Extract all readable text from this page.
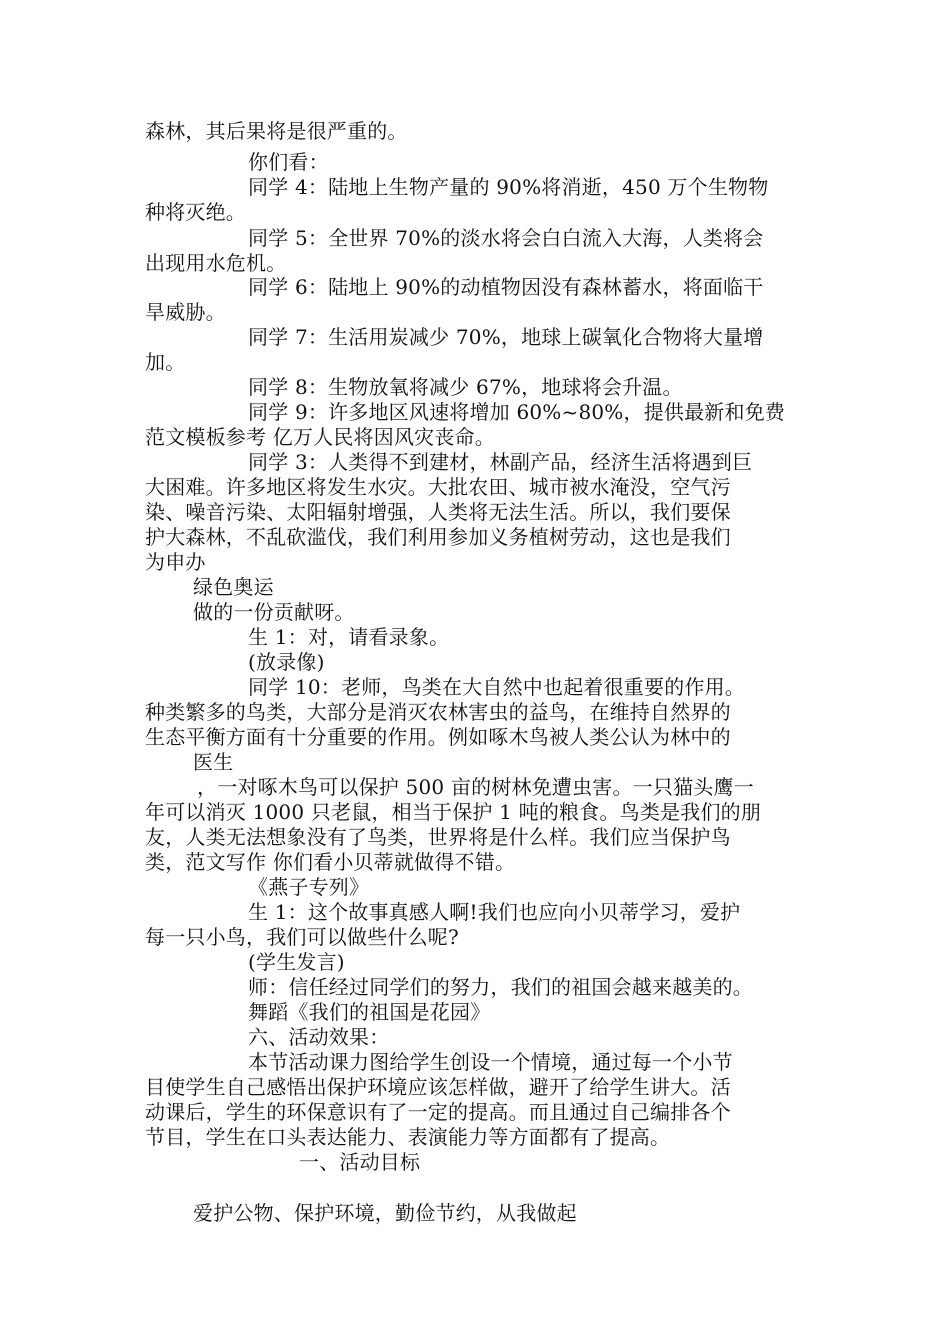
森林，其后果将是很严重的。
你们看：
同学 4：陆地上生物产量的 90%将消逝，450 万个生物物
种将灭绝。
同学 5：全世界 70%的淡水将会白白流入大海，人类将会
出现用水危机。
同学 6：陆地上 90%的动植物因没有森林蓄水，将面临干
旱威胁。
同学 7：生活用炭减少 70%，地球上碳氧化合物将大量增
加。
同学 8：生物放氧将减少 67%，地球将会升温。
同学 9：许多地区风速将增加 60%~80%，提供最新和免费
范文模板参考 亿万人民将因风灾丧命。
同学 3：人类得不到建材，林副产品，经济生活将遇到巨
大困难。许多地区将发生水灾。大批农田、城市被水淹没，空气污
染、噪音污染、太阳辐射增强，人类将无法生活。所以，我们要保
护大森林，不乱砍滥伐，我们利用参加义务植树劳动，这也是我们
为申办
绿色奥运
做的一份贡献呀。
生 1：对，请看录象。
(放录像)
同学 10：老师，鸟类在大自然中也起着很重要的作用。
种类繁多的鸟类，大部分是消灭农林害虫的益鸟，在维持自然界的
生态平衡方面有十分重要的作用。例如啄木鸟被人类公认为林中的
医生
，一对啄木鸟可以保护 500 亩的树林免遭虫害。一只猫头鹰一
年可以消灭 1000 只老鼠，相当于保护 1 吨的粮食。鸟类是我们的朋
友，人类无法想象没有了鸟类，世界将是什么样。我们应当保护鸟
类，范文写作 你们看小贝蒂就做得不错。
《燕子专列》
生 1：这个故事真感人啊!我们也应向小贝蒂学习，爱护
每一只小鸟，我们可以做些什么呢?
(学生发言)
师：信任经过同学们的努力，我们的祖国会越来越美的。
舞蹈《我们的祖国是花园》
六、活动效果：
本节活动课力图给学生创设一个情境，通过每一个小节
目使学生自己感悟出保护环境应该怎样做，避开了给学生讲大。活
动课后，学生的环保意识有了一定的提高。而且通过自己编排各个
节目，学生在口头表达能力、表演能力等方面都有了提高。
一、活动目标
爱护公物、保护环境，勤俭节约，从我做起
